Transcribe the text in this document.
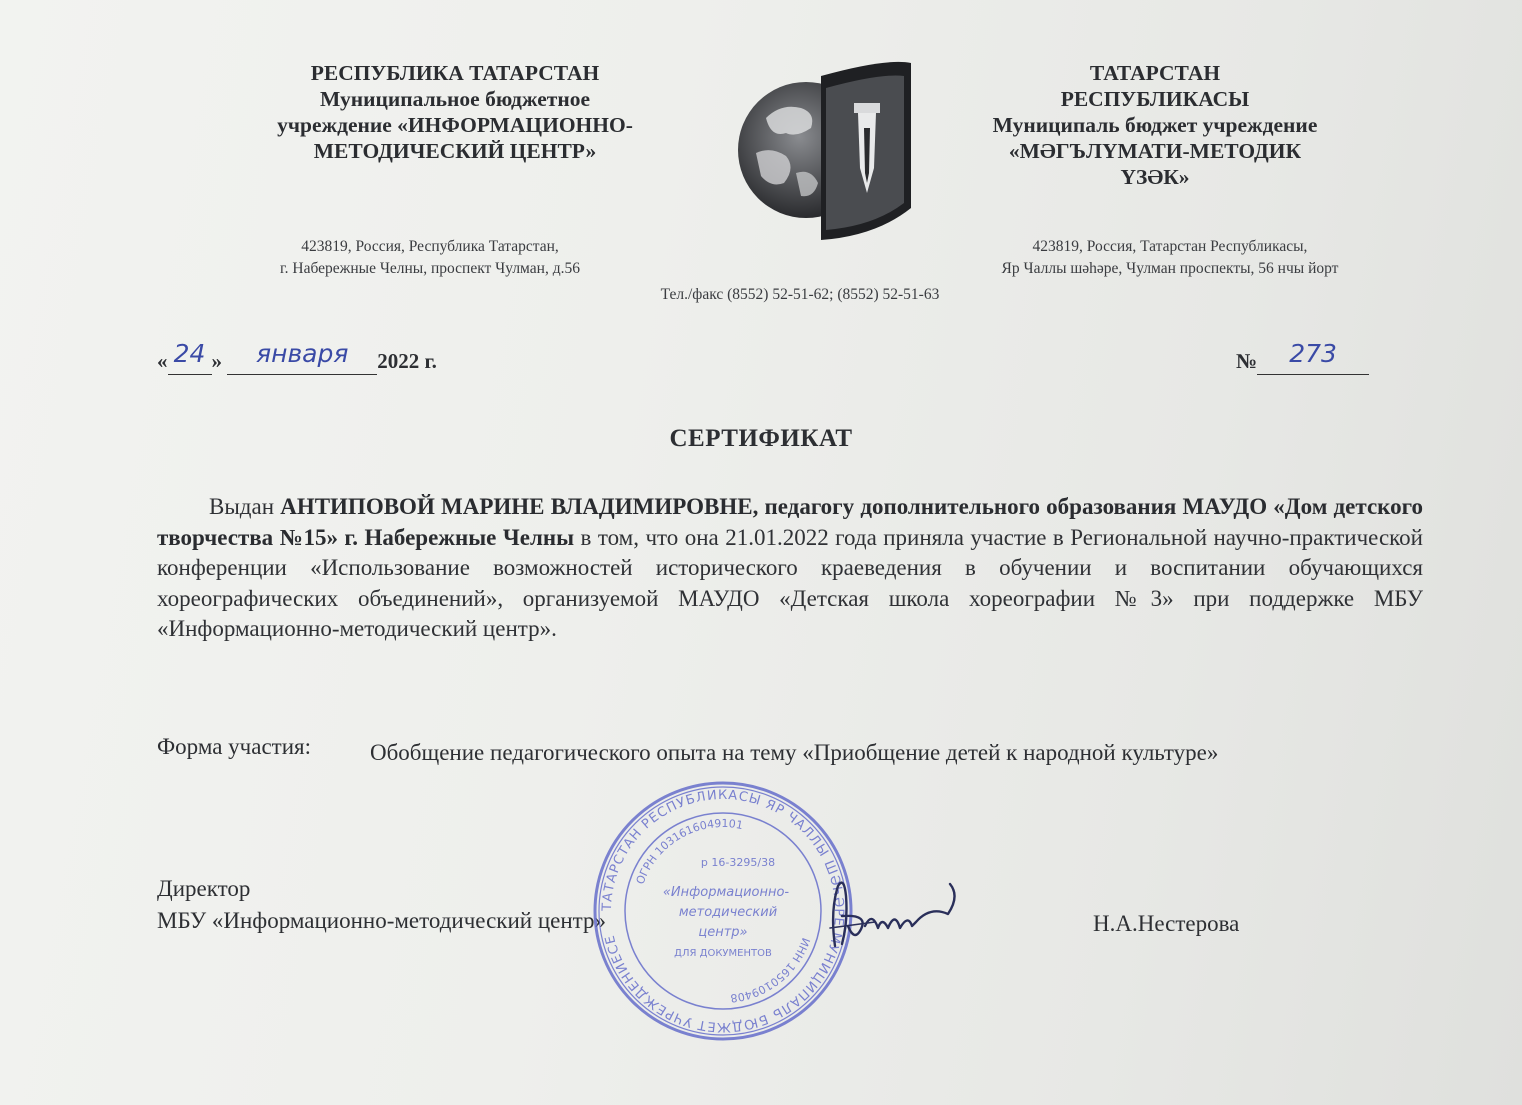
РЕСПУБЛИКА ТАТАРСТАН
Муниципальное бюджетное
учреждение «ИНФОРМАЦИОННО-
МЕТОДИЧЕСКИЙ ЦЕНТР»
ТАТАРСТАН
РЕСПУБЛИКАСЫ
Муниципаль бюджет учреждение
«МӘГЪЛҮМАТИ-МЕТОДИК
ҮЗӘК»
423819, Россия, Республика Татарстан,
г. Набережные Челны, проспект Чулман, д.56
423819, Россия, Татарстан Республикасы,
Яр Чаллы шәһәре, Чулман проспекты, 56 нчы йорт
Тел./факс (8552) 52-51-62; (8552) 52-51-63
« 24 »	января	2022 г.	№	273
СЕРТИФИКАТ
Выдан АНТИПОВОЙ МАРИНЕ ВЛАДИМИРОВНЕ, педагогу дополнительного образования МАУДО «Дом детского творчества №15» г. Набережные Челны в том, что она 21.01.2022 года приняла участие в Региональной научно-практической конференции «Использование возможностей исторического краеведения в обучении и воспитании обучающихся хореографических объединений», организуемой МАУДО «Детская школа хореографии №3» при поддержке МБУ «Информационно-методический центр».
Форма участия:	Обобщение педагогического опыта на тему «Приобщение детей к народной культуре»
Директор
МБУ «Информационно-методический центр»	Н.А.Нестерова
ТАТАРСТАН РЕСПУБЛИКАСЫ ЯР ЧАЛЛЫ ШӘҺӘРЕ МУНИЦИПАЛЬ БЮДЖЕТ УЧРЕЖДЕНИЕСЕ
ОГРН 1031616049101
ИНН 1650109408
р 16-3295/38
«Информационно-
методический
центр»
ДЛЯ ДОКУМЕНТОВ
